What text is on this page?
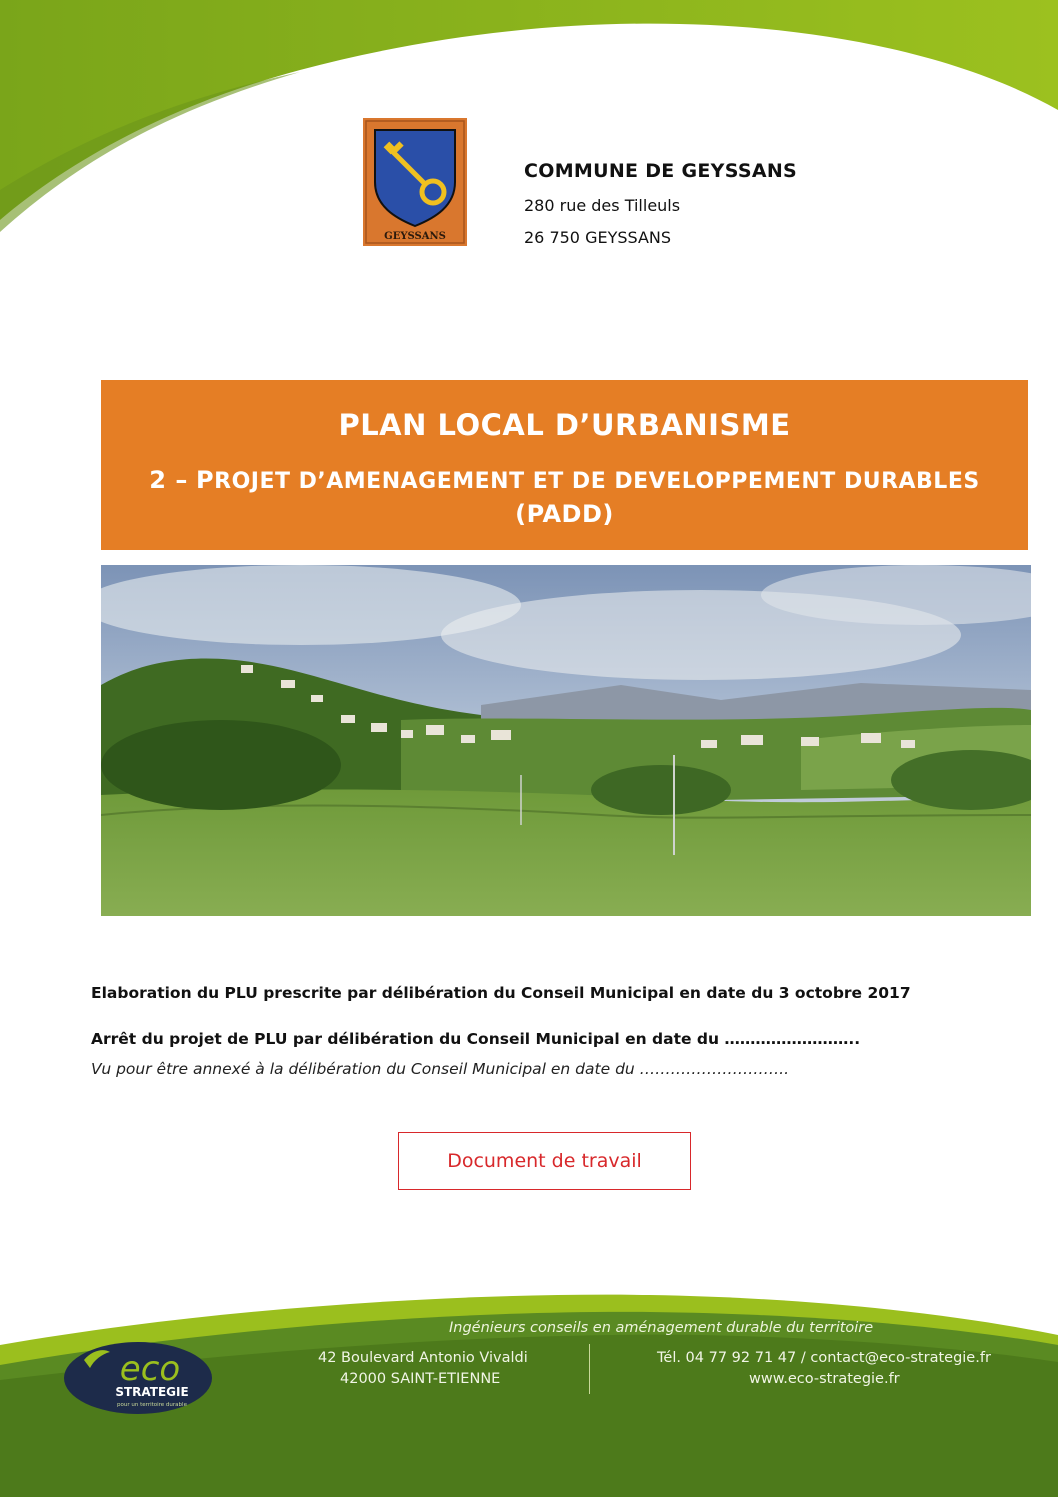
GEYSSANS
COMMUNE DE GEYSSANS
280 rue des Tilleuls
26 750 GEYSSANS
PLAN LOCAL D’URBANISME
2 – PROJET D’AMENAGEMENT ET DE DEVELOPPEMENT DURABLES
(PADD)
Elaboration du PLU prescrite par délibération du Conseil Municipal en date du 3 octobre 2017
Arrêt du projet de PLU par délibération du Conseil Municipal en date du ……………………..
Vu pour être annexé à la délibération du Conseil Municipal en date du ………………………..
Document de travail
Ingénieurs conseils en aménagement durable du territoire
42 Boulevard Antonio Vivaldi
42000 SAINT-ETIENNE
Tél. 04 77 92 71 47 / contact@eco-strategie.fr
www.eco-strategie.fr
eco
STRATEGIE
pour un territoire durable
